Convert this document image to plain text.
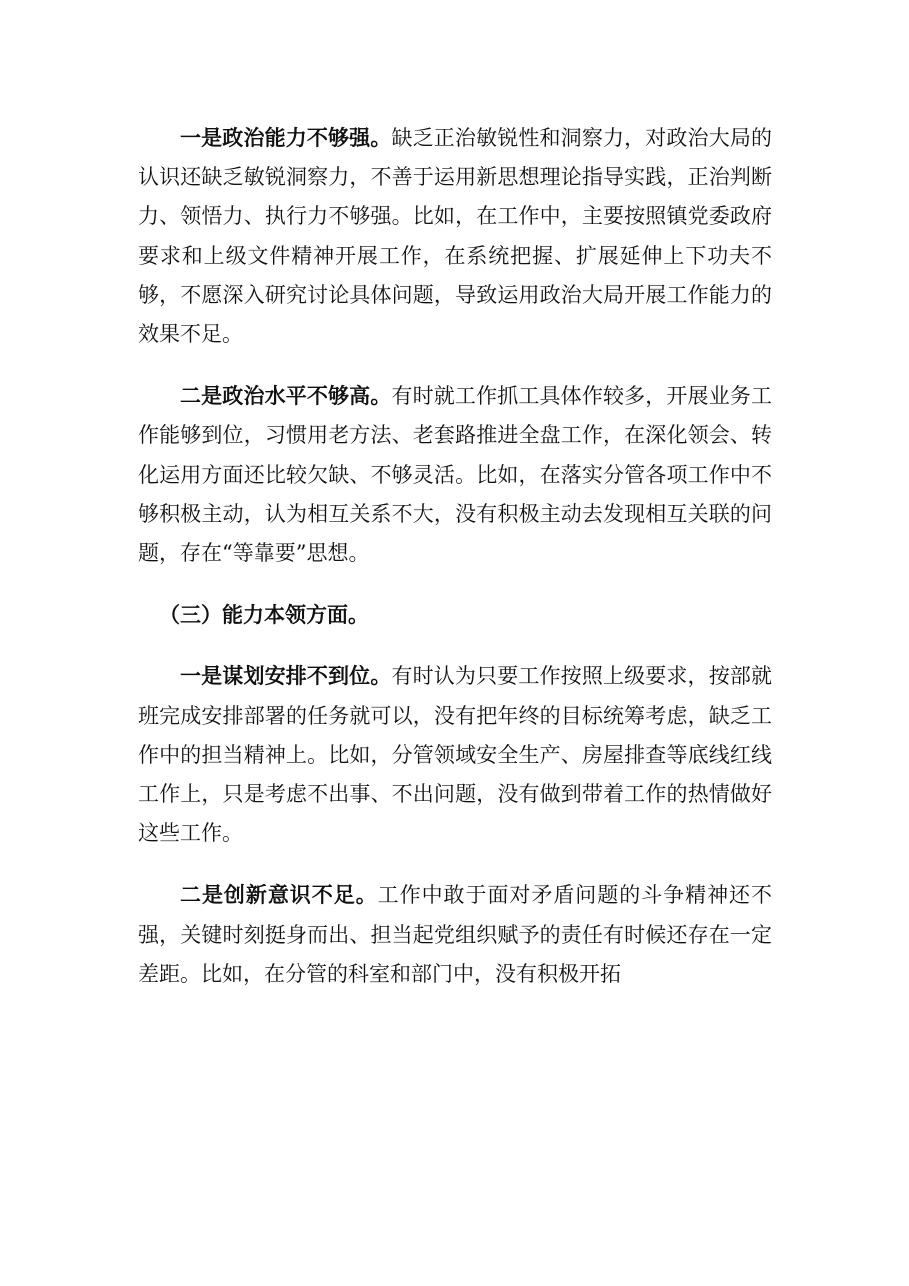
一是政治能力不够强。缺乏正治敏锐性和洞察力，对政治大局的认识还缺乏敏锐洞察力，不善于运用新思想理论指导实践，正治判断力、领悟力、执行力不够强。比如，在工作中，主要按照镇党委政府要求和上级文件精神开展工作，在系统把握、扩展延伸上下功夫不够，不愿深入研究讨论具体问题，导致运用政治大局开展工作能力的效果不足。

二是政治水平不够高。有时就工作抓工具体作较多，开展业务工作能够到位，习惯用老方法、老套路推进全盘工作，在深化领会、转化运用方面还比较欠缺、不够灵活。比如，在落实分管各项工作中不够积极主动，认为相互关系不大，没有积极主动去发现相互关联的问题，存在“等靠要”思想。

（三）能力本领方面。

一是谋划安排不到位。有时认为只要工作按照上级要求，按部就班完成安排部署的任务就可以，没有把年终的目标统筹考虑，缺乏工作中的担当精神上。比如，分管领域安全生产、房屋排查等底线红线工作上，只是考虑不出事、不出问题，没有做到带着工作的热情做好这些工作。

二是创新意识不足。工作中敢于面对矛盾问题的斗争精神还不强，关键时刻挺身而出、担当起党组织赋予的责任有时候还存在一定差距。比如，在分管的科室和部门中，没有积极开拓
